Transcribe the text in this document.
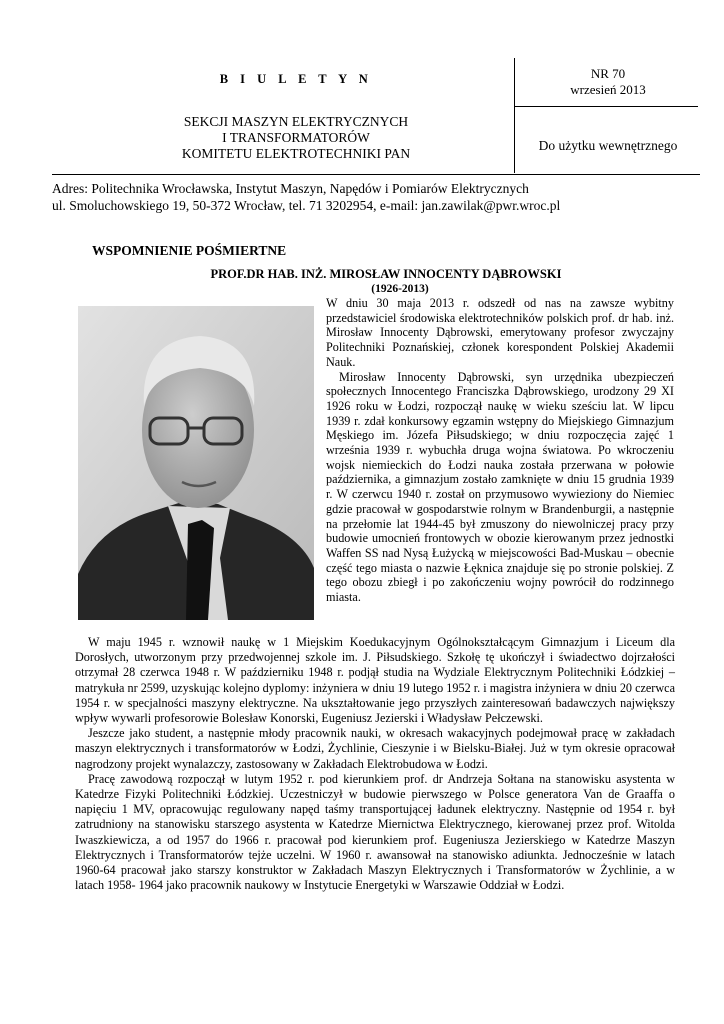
B I U L E T Y N
SEKCJI MASZYN ELEKTRYCZNYCH
I TRANSFORMATORÓW
KOMITETU ELEKTROTECHNIKI PAN
NR 70
wrzesień 2013
Do użytku wewnętrznego
Adres: Politechnika Wrocławska, Instytut Maszyn, Napędów i Pomiarów Elektrycznych
ul. Smoluchowskiego 19, 50-372 Wrocław, tel. 71 3202954, e-mail: jan.zawilak@pwr.wroc.pl
WSPOMNIENIE POŚMIERTNE
PROF.DR HAB. INŻ. MIROSŁAW INNOCENTY DĄBROWSKI
(1926-2013)

W dniu 30 maja 2013 r. odszedł od nas na zawsze wybitny przedstawiciel środowiska elektrotechników polskich prof. dr hab. inż. Mirosław Innocenty Dąbrowski, emerytowany profesor zwyczajny Politechniki Poznańskiej, członek korespondent Polskiej Akademii Nauk.

Mirosław Innocenty Dąbrowski, syn urzędnika ubezpieczeń społecznych Innocentego Franciszka Dąbrowskiego, urodzony 29 XI 1926 roku w Łodzi, rozpoczął naukę w wieku sześciu lat. W lipcu 1939 r. zdał konkursowy egzamin wstępny do Miejskiego Gimnazjum Męskiego im. Józefa Piłsudskiego; w dniu rozpoczęcia zajęć 1 września 1939 r. wybuchła druga wojna światowa. Po wkroczeniu wojsk niemieckich do Łodzi nauka została przerwana w połowie października, a gimnazjum zostało zamknięte w dniu 15 grudnia 1939 r. W czerwcu 1940 r. został on przymusowo wywieziony do Niemiec gdzie pracował w gospodarstwie rolnym w Brandenburgii, a następnie na przełomie lat 1944-45 był zmuszony do niewolniczej pracy przy budowie umocnień frontowych w obozie kierowanym przez jednostki Waffen SS nad Nysą Łużycką w miejscowości Bad-Muskau – obecnie część tego miasta o nazwie Łęknica znajduje się po stronie polskiej. Z tego obozu zbiegł i po zakończeniu wojny powrócił do rodzinnego miasta.

W maju 1945 r. wznowił naukę w 1 Miejskim Koedukacyjnym Ogólnokształcącym Gimnazjum i Liceum dla Dorosłych, utworzonym przy przedwojennej szkole im. J. Piłsudskiego. Szkołę tę ukończył i świadectwo dojrzałości otrzymał 28 czerwca 1948 r. W październiku 1948 r. podjął studia na Wydziale Elektrycznym Politechniki Łódzkiej – matrykuła nr 2599, uzyskując kolejno dyplomy: inżyniera w dniu 19 lutego 1952 r. i magistra inżyniera w dniu 20 czerwca 1954 r. w specjalności maszyny elektryczne. Na ukształtowanie jego przyszłych zainteresowań badawczych największy wpływ wywarli profesorowie Bolesław Konorski, Eugeniusz Jezierski i Władysław Pełczewski.

Jeszcze jako student, a następnie młody pracownik nauki, w okresach wakacyjnych podejmował pracę w zakładach maszyn elektrycznych i transformatorów w Łodzi, Żychlinie, Cieszynie i w Bielsku-Białej. Już w tym okresie opracował nagrodzony projekt wynalazczy, zastosowany w Zakładach Elektrobudowa w Łodzi.

Pracę zawodową rozpoczął w lutym 1952 r. pod kierunkiem prof. dr Andrzeja Sołtana na stanowisku asystenta w Katedrze Fizyki Politechniki Łódzkiej. Uczestniczył w budowie pierwszego w Polsce generatora Van de Graaffa o napięciu 1 MV, opracowując regulowany napęd taśmy transportującej ładunek elektryczny. Następnie od 1954 r. był zatrudniony na stanowisku starszego asystenta w Katedrze Miernictwa Elektrycznego, kierowanej przez prof. Witolda Iwaszkiewicza, a od 1957 do 1966 r. pracował pod kierunkiem prof. Eugeniusza Jezierskiego w Katedrze Maszyn Elektrycznych i Transformatorów tejże uczelni. W 1960 r. awansował na stanowisko adiunkta. Jednocześnie w latach 1960-64 pracował jako starszy konstruktor w Zakładach Maszyn Elektrycznych i Transformatorów w Żychlinie, a w latach 1958- 1964 jako pracownik naukowy w Instytucie Energetyki w Warszawie Oddział w Łodzi.
